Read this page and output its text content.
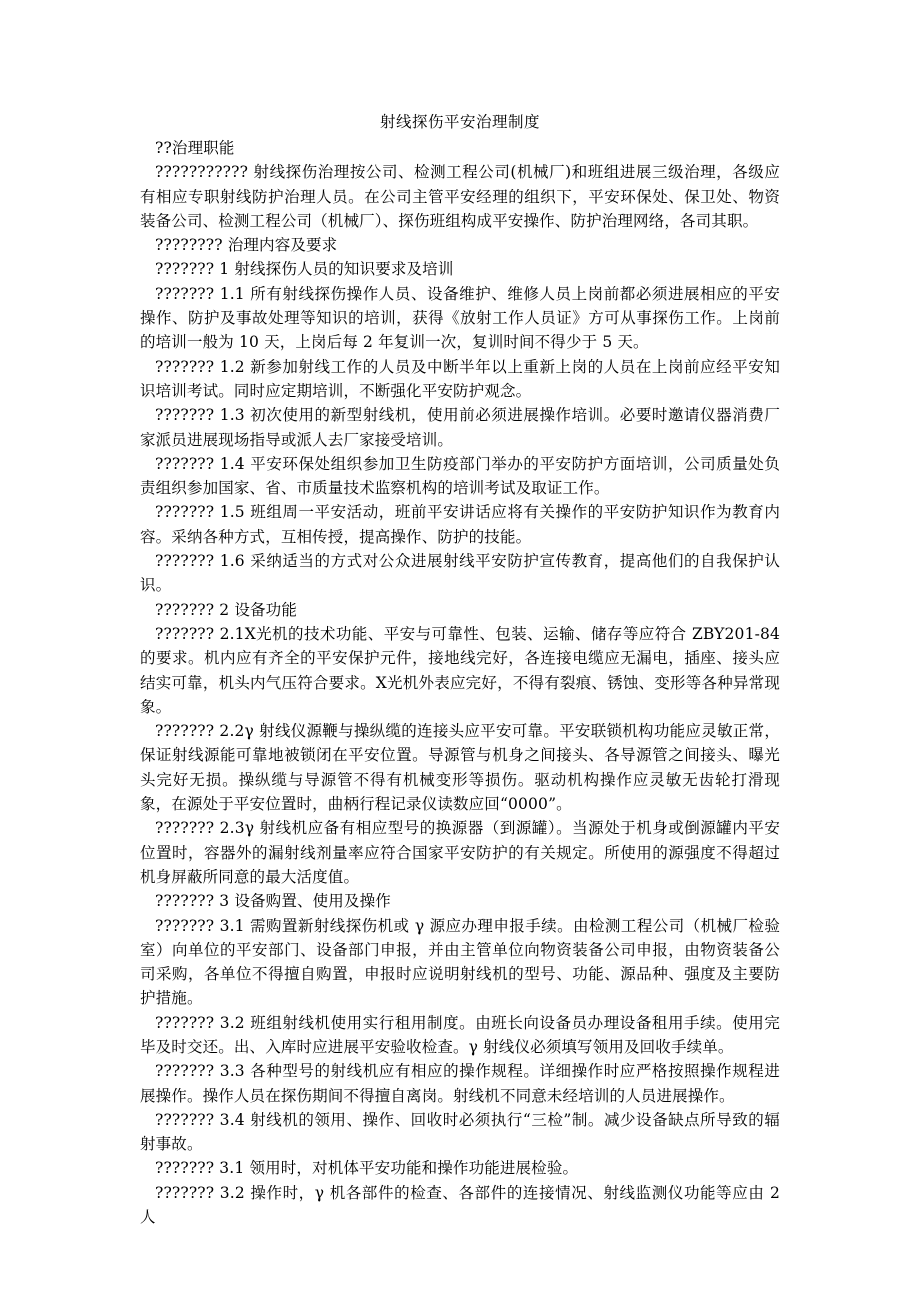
射线探伤平安治理制度

??治理职能

??????????? 射线探伤治理按公司、检测工程公司(机械厂)和班组进展三级治理，各级应有相应专职射线防护治理人员。在公司主管平安经理的组织下，平安环保处、保卫处、物资装备公司、检测工程公司（机械厂）、探伤班组构成平安操作、防护治理网络，各司其职。

???????? 治理内容及要求

??????? 1 射线探伤人员的知识要求及培训

??????? 1.1 所有射线探伤操作人员、设备维护、维修人员上岗前都必须进展相应的平安操作、防护及事故处理等知识的培训，获得《放射工作人员证》方可从事探伤工作。上岗前的培训一般为 10 天，上岗后每 2 年复训一次，复训时间不得少于 5 天。

??????? 1.2 新参加射线工作的人员及中断半年以上重新上岗的人员在上岗前应经平安知识培训考试。同时应定期培训，不断强化平安防护观念。

??????? 1.3 初次使用的新型射线机，使用前必须进展操作培训。必要时邀请仪器消费厂家派员进展现场指导或派人去厂家接受培训。

??????? 1.4 平安环保处组织参加卫生防疫部门举办的平安防护方面培训，公司质量处负责组织参加国家、省、市质量技术监察机构的培训考试及取证工作。

??????? 1.5 班组周一平安活动，班前平安讲话应将有关操作的平安防护知识作为教育内容。采纳各种方式，互相传授，提高操作、防护的技能。

??????? 1.6 采纳适当的方式对公众进展射线平安防护宣传教育，提高他们的自我保护认识。

??????? 2 设备功能

??????? 2.1X光机的技术功能、平安与可靠性、包装、运输、储存等应符合 ZBY201-84 的要求。机内应有齐全的平安保护元件，接地线完好，各连接电缆应无漏电，插座、接头应结实可靠，机头内气压符合要求。X光机外表应完好，不得有裂痕、锈蚀、变形等各种异常现象。

??????? 2.2γ 射线仪源鞭与操纵缆的连接头应平安可靠。平安联锁机构功能应灵敏正常，保证射线源能可靠地被锁闭在平安位置。导源管与机身之间接头、各导源管之间接头、曝光头完好无损。操纵缆与导源管不得有机械变形等损伤。驱动机构操作应灵敏无齿轮打滑现象，在源处于平安位置时，曲柄行程记录仪读数应回“0000”。

??????? 2.3γ 射线机应备有相应型号的换源器（到源罐）。当源处于机身或倒源罐内平安位置时，容器外的漏射线剂量率应符合国家平安防护的有关规定。所使用的源强度不得超过机身屏蔽所同意的最大活度值。

??????? 3 设备购置、使用及操作

??????? 3.1 需购置新射线探伤机或 γ 源应办理申报手续。由检测工程公司（机械厂检验室）向单位的平安部门、设备部门申报，并由主管单位向物资装备公司申报，由物资装备公司采购，各单位不得擅自购置，申报时应说明射线机的型号、功能、源品种、强度及主要防护措施。

??????? 3.2 班组射线机使用实行租用制度。由班长向设备员办理设备租用手续。使用完毕及时交还。出、入库时应进展平安验收检查。γ 射线仪必须填写领用及回收手续单。

??????? 3.3 各种型号的射线机应有相应的操作规程。详细操作时应严格按照操作规程进展操作。操作人员在探伤期间不得擅自离岗。射线机不同意未经培训的人员进展操作。

??????? 3.4 射线机的领用、操作、回收时必须执行“三检”制。减少设备缺点所导致的辐射事故。

??????? 3.1 领用时，对机体平安功能和操作功能进展检验。

??????? 3.2 操作时，γ 机各部件的检查、各部件的连接情况、射线监测仪功能等应由 2 人
